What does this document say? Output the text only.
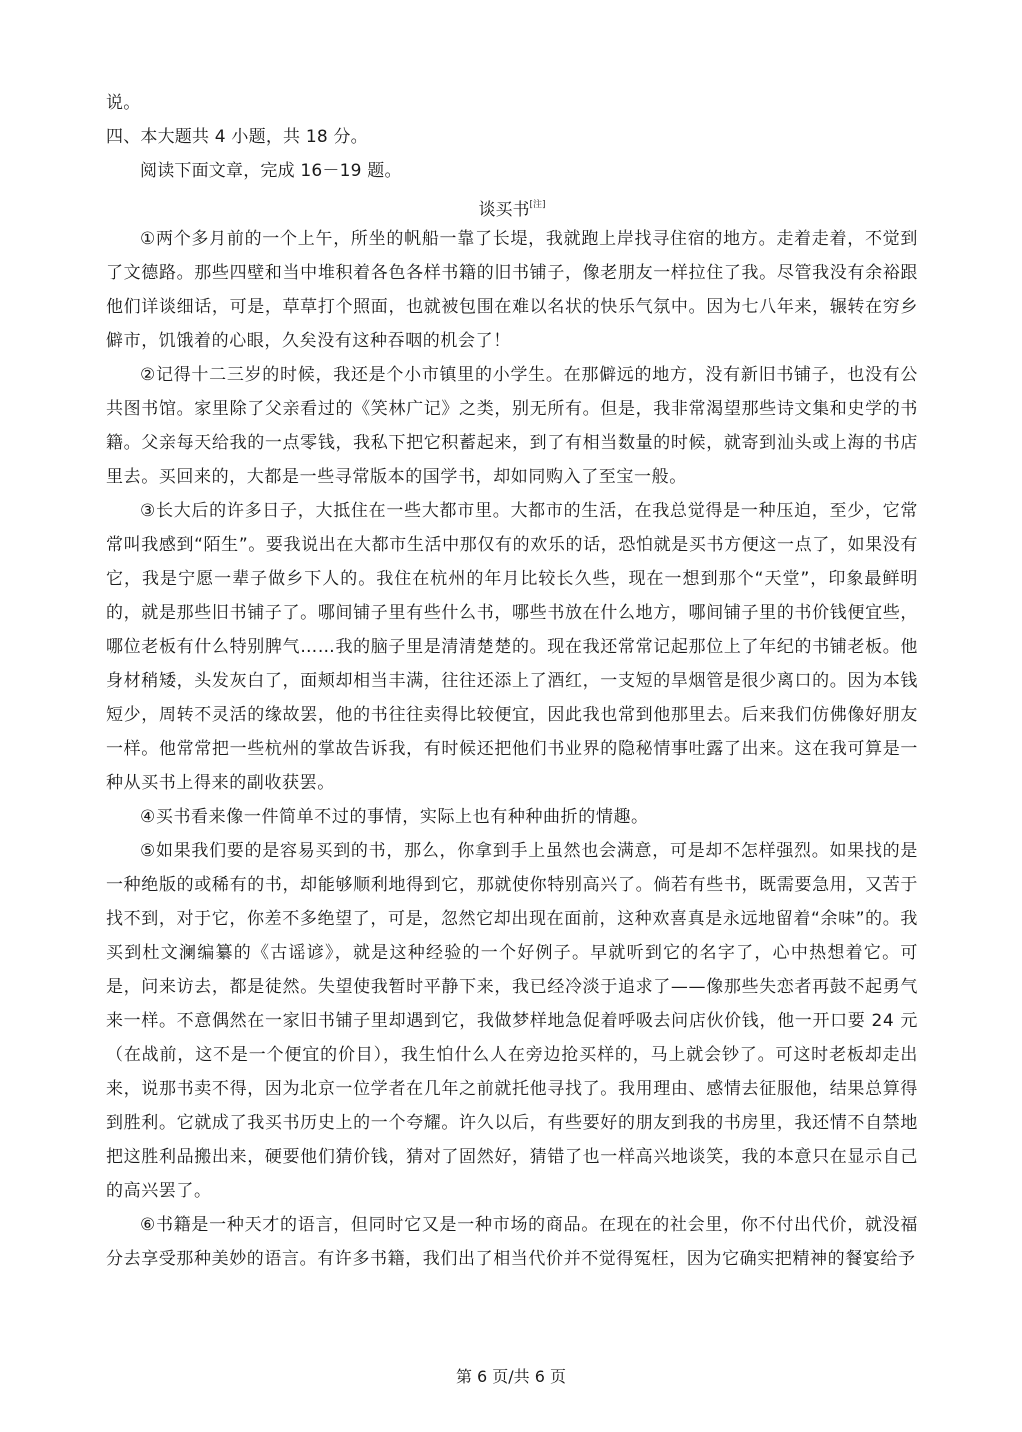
说。
四、本大题共 4 小题，共 18 分。
阅读下面文章，完成 16－19 题。
谈买书[注]

①两个多月前的一个上午，所坐的帆船一靠了长堤，我就跑上岸找寻住宿的地方。走着走着，不觉到了文德路。那些四壁和当中堆积着各色各样书籍的旧书铺子，像老朋友一样拉住了我。尽管我没有余裕跟他们详谈细话，可是，草草打个照面，也就被包围在难以名状的快乐气氛中。因为七八年来，辗转在穷乡僻市，饥饿着的心眼，久矣没有这种吞咽的机会了！

②记得十二三岁的时候，我还是个小市镇里的小学生。在那僻远的地方，没有新旧书铺子，也没有公共图书馆。家里除了父亲看过的《笑林广记》之类，别无所有。但是，我非常渴望那些诗文集和史学的书籍。父亲每天给我的一点零钱，我私下把它积蓄起来，到了有相当数量的时候，就寄到汕头或上海的书店里去。买回来的，大都是一些寻常版本的国学书，却如同购入了至宝一般。

③长大后的许多日子，大抵住在一些大都市里。大都市的生活，在我总觉得是一种压迫，至少，它常常叫我感到“陌生”。要我说出在大都市生活中那仅有的欢乐的话，恐怕就是买书方便这一点了，如果没有它，我是宁愿一辈子做乡下人的。我住在杭州的年月比较长久些，现在一想到那个“天堂”，印象最鲜明的，就是那些旧书铺子了。哪间铺子里有些什么书，哪些书放在什么地方，哪间铺子里的书价钱便宜些，哪位老板有什么特别脾气……我的脑子里是清清楚楚的。现在我还常常记起那位上了年纪的书铺老板。他身材稍矮，头发灰白了，面颊却相当丰满，往往还添上了酒红，一支短的旱烟管是很少离口的。因为本钱短少，周转不灵活的缘故罢，他的书往往卖得比较便宜，因此我也常到他那里去。后来我们仿佛像好朋友一样。他常常把一些杭州的掌故告诉我，有时候还把他们书业界的隐秘情事吐露了出来。这在我可算是一种从买书上得来的副收获罢。

④买书看来像一件简单不过的事情，实际上也有种种曲折的情趣。

⑤如果我们要的是容易买到的书，那么，你拿到手上虽然也会满意，可是却不怎样强烈。如果找的是一种绝版的或稀有的书，却能够顺利地得到它，那就使你特别高兴了。倘若有些书，既需要急用，又苦于找不到，对于它，你差不多绝望了，可是，忽然它却出现在面前，这种欢喜真是永远地留着“余味”的。我买到杜文澜编纂的《古谣谚》，就是这种经验的一个好例子。早就听到它的名字了，心中热想着它。可是，问来访去，都是徒然。失望使我暂时平静下来，我已经冷淡于追求了——像那些失恋者再鼓不起勇气来一样。不意偶然在一家旧书铺子里却遇到它，我做梦样地急促着呼吸去问店伙价钱，他一开口要 24 元（在战前，这不是一个便宜的价目），我生怕什么人在旁边抢买样的，马上就会钞了。可这时老板却走出来，说那书卖不得，因为北京一位学者在几年之前就托他寻找了。我用理由、感情去征服他，结果总算得到胜利。它就成了我买书历史上的一个夸耀。许久以后，有些要好的朋友到我的书房里，我还情不自禁地把这胜利品搬出来，硬要他们猜价钱，猜对了固然好，猜错了也一样高兴地谈笑，我的本意只在显示自己的高兴罢了。

⑥书籍是一种天才的语言，但同时它又是一种市场的商品。在现在的社会里，你不付出代价，就没福分去享受那种美妙的语言。有许多书籍，我们出了相当代价并不觉得冤枉，因为它确实把精神的餐宴给予

第 6 页/共 6 页
